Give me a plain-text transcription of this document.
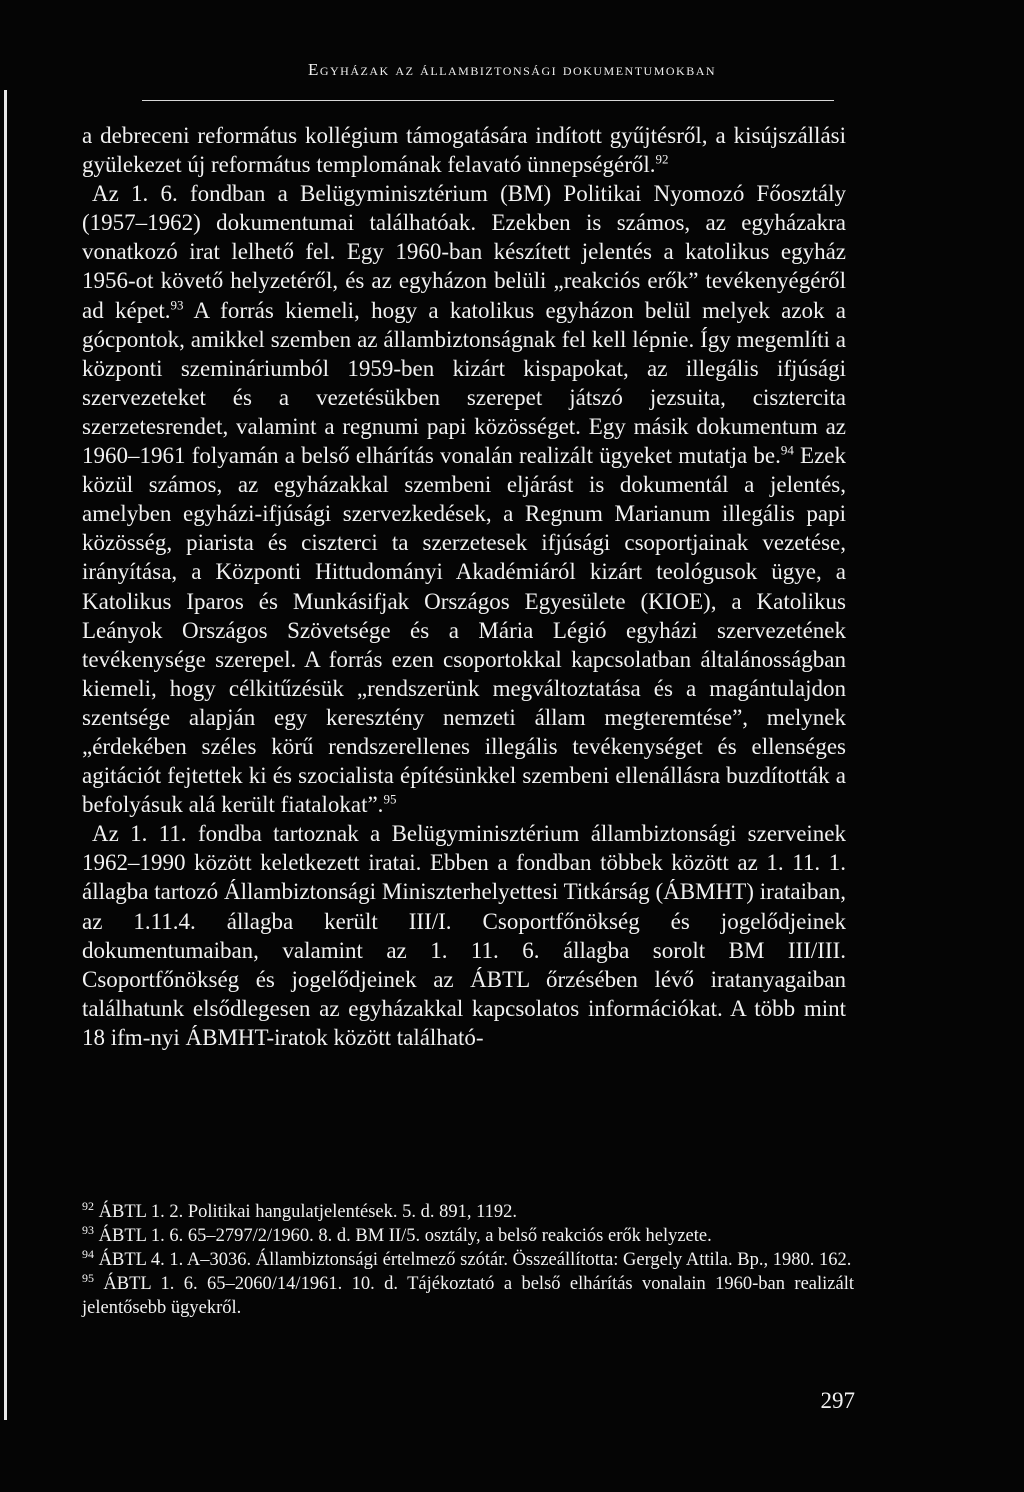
Egyházak az állambiztonsági dokumentumokban

a debreceni református kollégium támogatására indított gyűjtésről, a kisújszállási gyülekezet új református templomának felavató ünnepségéről.$^{92}$

Az 1. 6. fondban a Belügyminisztérium (BM) Politikai Nyomozó Főosztály (1957–1962) dokumentumai találhatóak. Ezekben is számos, az egyházakra vonatkozó irat lelhető fel. Egy 1960-ban készített jelentés a katolikus egyház 1956-ot követő helyzetéről, és az egyházon belüli „reakciós erők” tevékenyégéről ad képet.$^{93}$ A forrás kiemeli, hogy a katolikus egyházon belül melyek azok a gócpontok, amikkel szemben az állambiztonságnak fel kell lépnie. Így megemlíti a központi szemináriumból 1959-ben kizárt kispapokat, az illegális ifjúsági szervezeteket és a vezetésükben szerepet játszó jezsuita, cisztercita szerzetesrendet, valamint a regnumi papi közösséget. Egy másik dokumentum az 1960–1961 folyamán a belső elhárítás vonalán realizált ügyeket mutatja be.$^{94}$ Ezek közül számos, az egyházakkal szembeni eljárást is dokumentál a jelentés, amelyben egyházi-ifjúsági szervezkedések, a Regnum Marianum illegális papi közösség, piarista és ciszterci ta szerzetesek ifjúsági csoportjainak vezetése, irányítása, a Központi Hittudományi Akadémiáról kizárt teológusok ügye, a Katolikus Iparos és Munkásifjak Országos Egyesülete (KIOE), a Katolikus Leányok Országos Szövetsége és a Mária Légió egyházi szervezetének tevékenysége szerepel. A forrás ezen csoportokkal kapcsolatban általánosságban kiemeli, hogy célkitűzésük „rendszerünk megváltoztatása és a magántulajdon szentsége alapján egy keresztény nemzeti állam megteremtése”, melynek „érdekében széles körű rendszerellenes illegális tevékenységet és ellenséges agitációt fejtettek ki és szocialista építésünkkel szembeni ellenállásra buzdították a befolyásuk alá került fiatalokat”.$^{95}$

Az 1. 11. fondba tartoznak a Belügyminisztérium állambiztonsági szerveinek 1962–1990 között keletkezett iratai. Ebben a fondban többek között az 1. 11. 1. állagba tartozó Állambiztonsági Miniszterhelyettesi Titkárság (ÁBMHT) irataiban, az 1.11.4. állagba került III/I. Csoportfőnökség és jogelődjeinek dokumentumaiban, valamint az 1. 11. 6. állagba sorolt BM III/III. Csoportfőnökség és jogelődjeinek az ÁBTL őrzésében lévő iratanyagaiban találhatunk elsődlegesen az egyházakkal kapcsolatos információkat. A több mint 18 ifm-nyi ÁBMHT-iratok között található-

$^{92}$ ÁBTL 1. 2. Politikai hangulatjelentések. 5. d. 891, 1192.

$^{93}$ ÁBTL 1. 6. 65–2797/2/1960. 8. d. BM II/5. osztály, a belső reakciós erők helyzete.

$^{94}$ ÁBTL 4. 1. A–3036. Állambiztonsági értelmező szótár. Összeállította: Gergely Attila. Bp., 1980. 162.

$^{95}$ ÁBTL 1. 6. 65–2060/14/1961. 10. d. Tájékoztató a belső elhárítás vonalain 1960-ban realizált jelentősebb ügyekről.

297
